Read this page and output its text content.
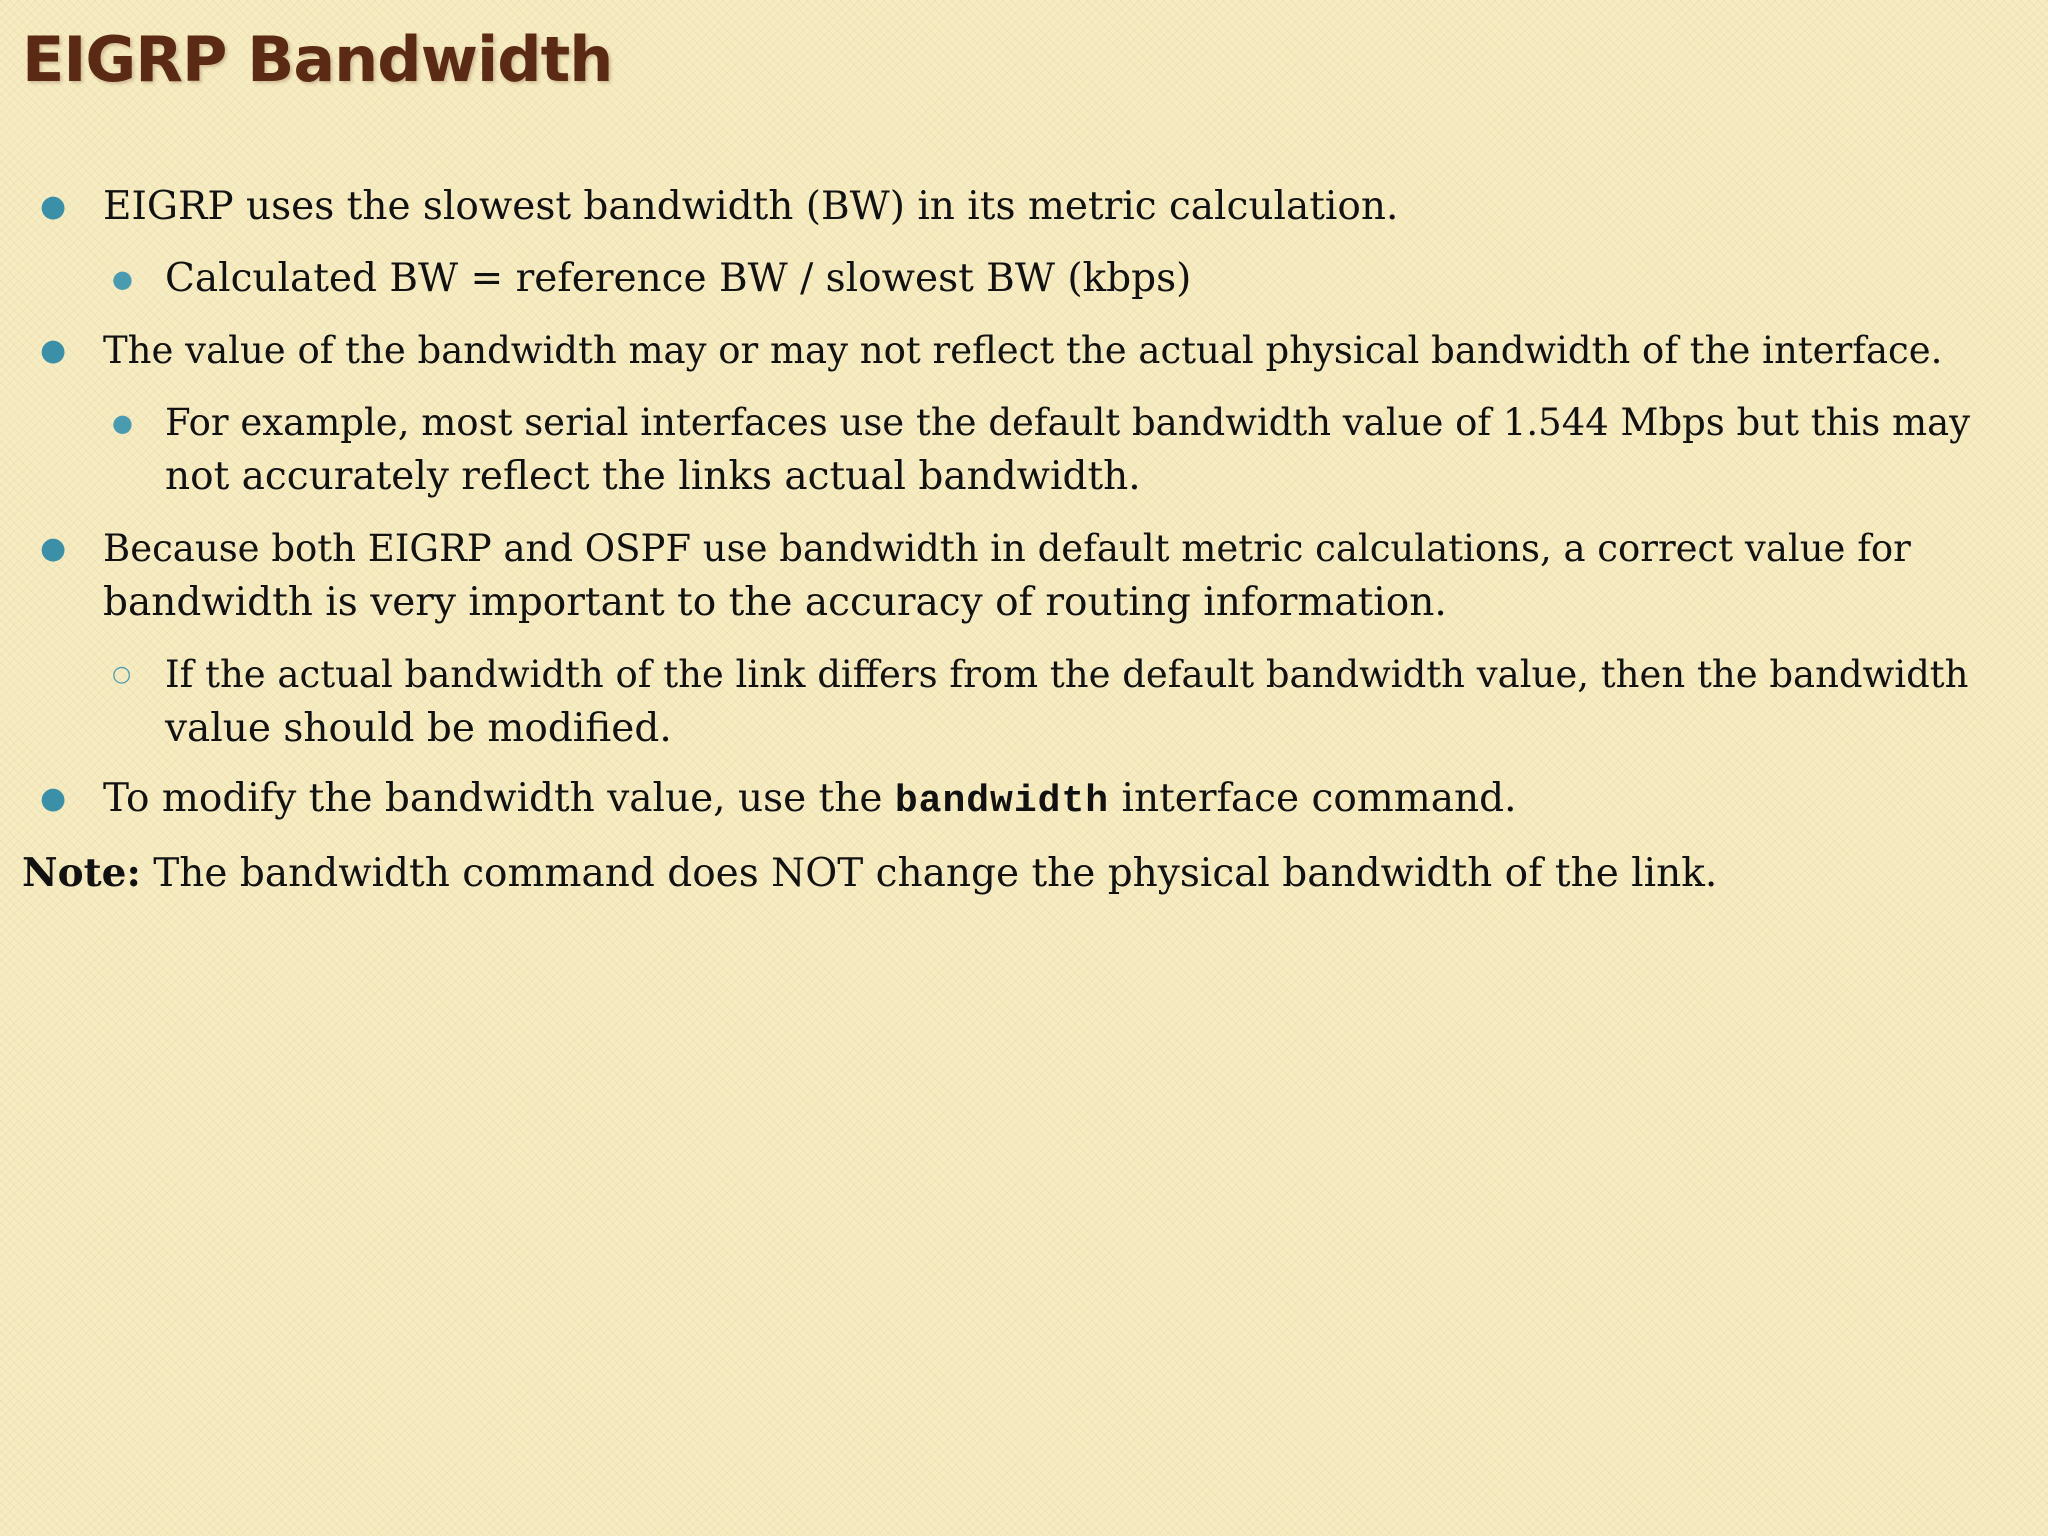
EIGRP Bandwidth
● EIGRP uses the slowest bandwidth (BW) in its metric calculation.

● Calculated BW = reference BW / slowest BW (kbps)

● The value of the bandwidth may or may not reflect the actual physical bandwidth of the interface.

● For example, most serial interfaces use the default bandwidth value of 1.544 Mbps but this may

not accurately reflect the links actual bandwidth.

● Because both EIGRP and OSPF use bandwidth in default metric calculations, a correct value for

bandwidth is very important to the accuracy of routing information.

○ If the actual bandwidth of the link differs from the default bandwidth value, then the bandwidth

value should be modified.

● To modify the bandwidth value, use the bandwidth interface command.

Note: The bandwidth command does NOT change the physical bandwidth of the link.
